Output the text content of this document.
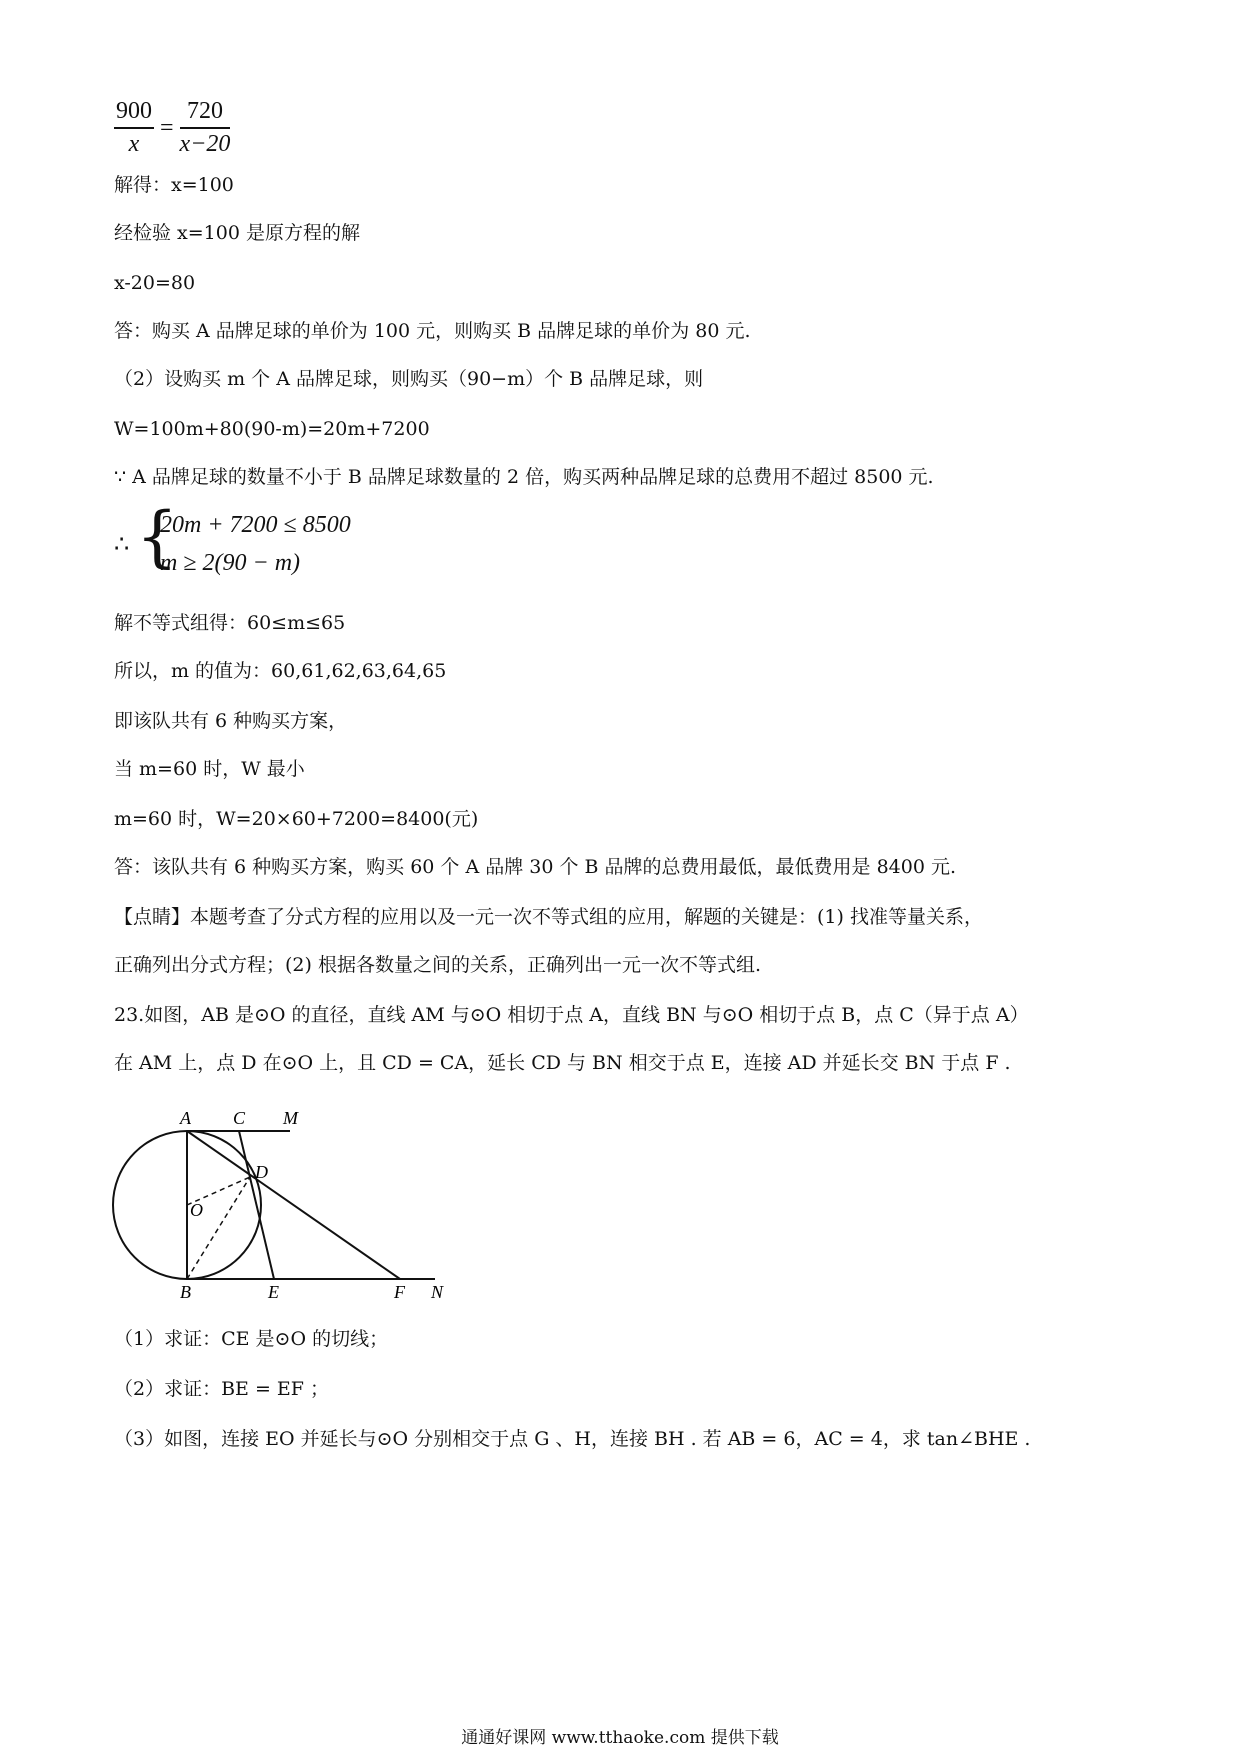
$\frac{900}{x} = \frac{720}{x-20}$
解得：x=100
经检验 x=100 是原方程的解
x-20=80
答：购买 A 品牌足球的单价为 100 元，则购买 B 品牌足球的单价为 80 元.
（2）设购买 m 个 A 品牌足球，则购买（90−m）个 B 品牌足球，则
W=100m+80(90-m)=20m+7200
∵ A 品牌足球的数量不小于 B 品牌足球数量的 2 倍，购买两种品牌足球的总费用不超过 8500 元.
∴ {
20m + 7200 ≤ 8500
m ≥ 2(90 − m)
解不等式组得：60≤m≤65
所以，m 的值为：60,61,62,63,64,65
即该队共有 6 种购买方案，
当 m=60 时，W 最小
m=60 时，W=20×60+7200=8400(元)
答：该队共有 6 种购买方案，购买 60 个 A 品牌 30 个 B 品牌的总费用最低，最低费用是 8400 元.
【点睛】本题考查了分式方程的应用以及一元一次不等式组的应用，解题的关键是：(1) 找准等量关系，
正确列出分式方程；(2) 根据各数量之间的关系，正确列出一元一次不等式组.
23.如图，AB 是⊙O 的直径，直线 AM 与⊙O 相切于点 A，直线 BN 与⊙O 相切于点 B，点 C（异于点 A）
在 AM 上，点 D 在⊙O 上，且 CD = CA，延长 CD 与 BN 相交于点 E，连接 AD 并延长交 BN 于点 F .
A C M
D
O
B	E	F N
（1）求证：CE 是⊙O 的切线；
（2）求证：BE = EF ；
（3）如图，连接 EO 并延长与⊙O 分别相交于点 G 、H，连接 BH . 若 AB = 6，AC = 4，求 tan∠BHE .
通通好课网 www.tthaoke.com 提供下载
